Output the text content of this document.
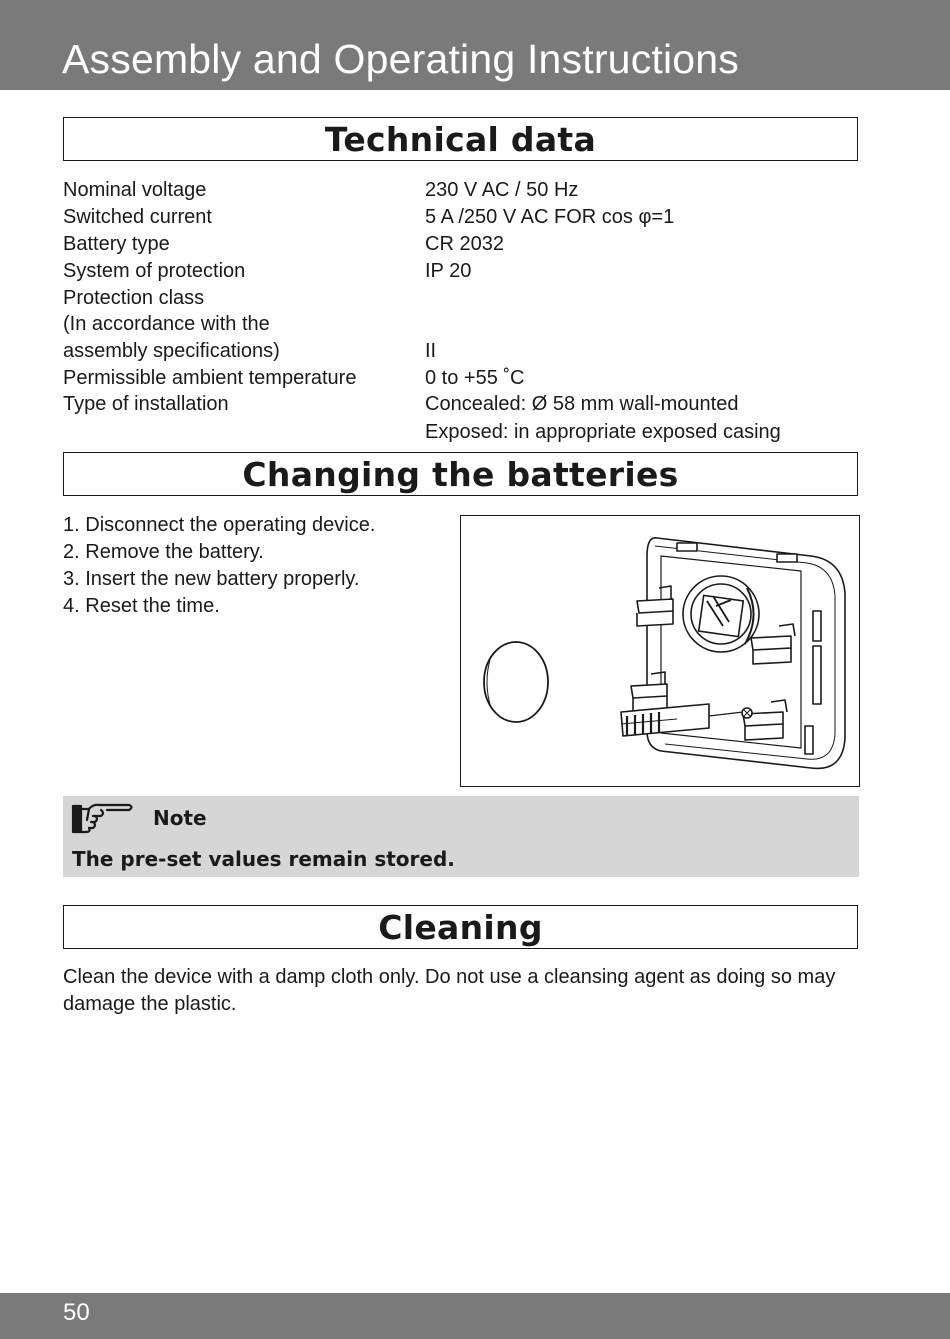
Assembly and Operating Instructions
Technical data
Nominal voltage	230 V AC / 50 Hz
Switched current	5 A /250 V AC FOR cos φ=1
Battery type	CR 2032
System of protection	IP 20
Protection class
(In accordance with the
assembly specifications)	II
Permissible ambient temperature	0 to +55 ˚C
Type of installation	Concealed: Ø 58 mm wall-mounted
Exposed: in appropriate exposed casing
Changing the batteries
1. Disconnect the operating device.
2. Remove the battery.
3. Insert the new battery properly.
4. Reset the time.
Note
The pre-set values remain stored.
Cleaning
Clean the device with a damp cloth only. Do not use a cleansing agent as doing so may damage the plastic.
50
